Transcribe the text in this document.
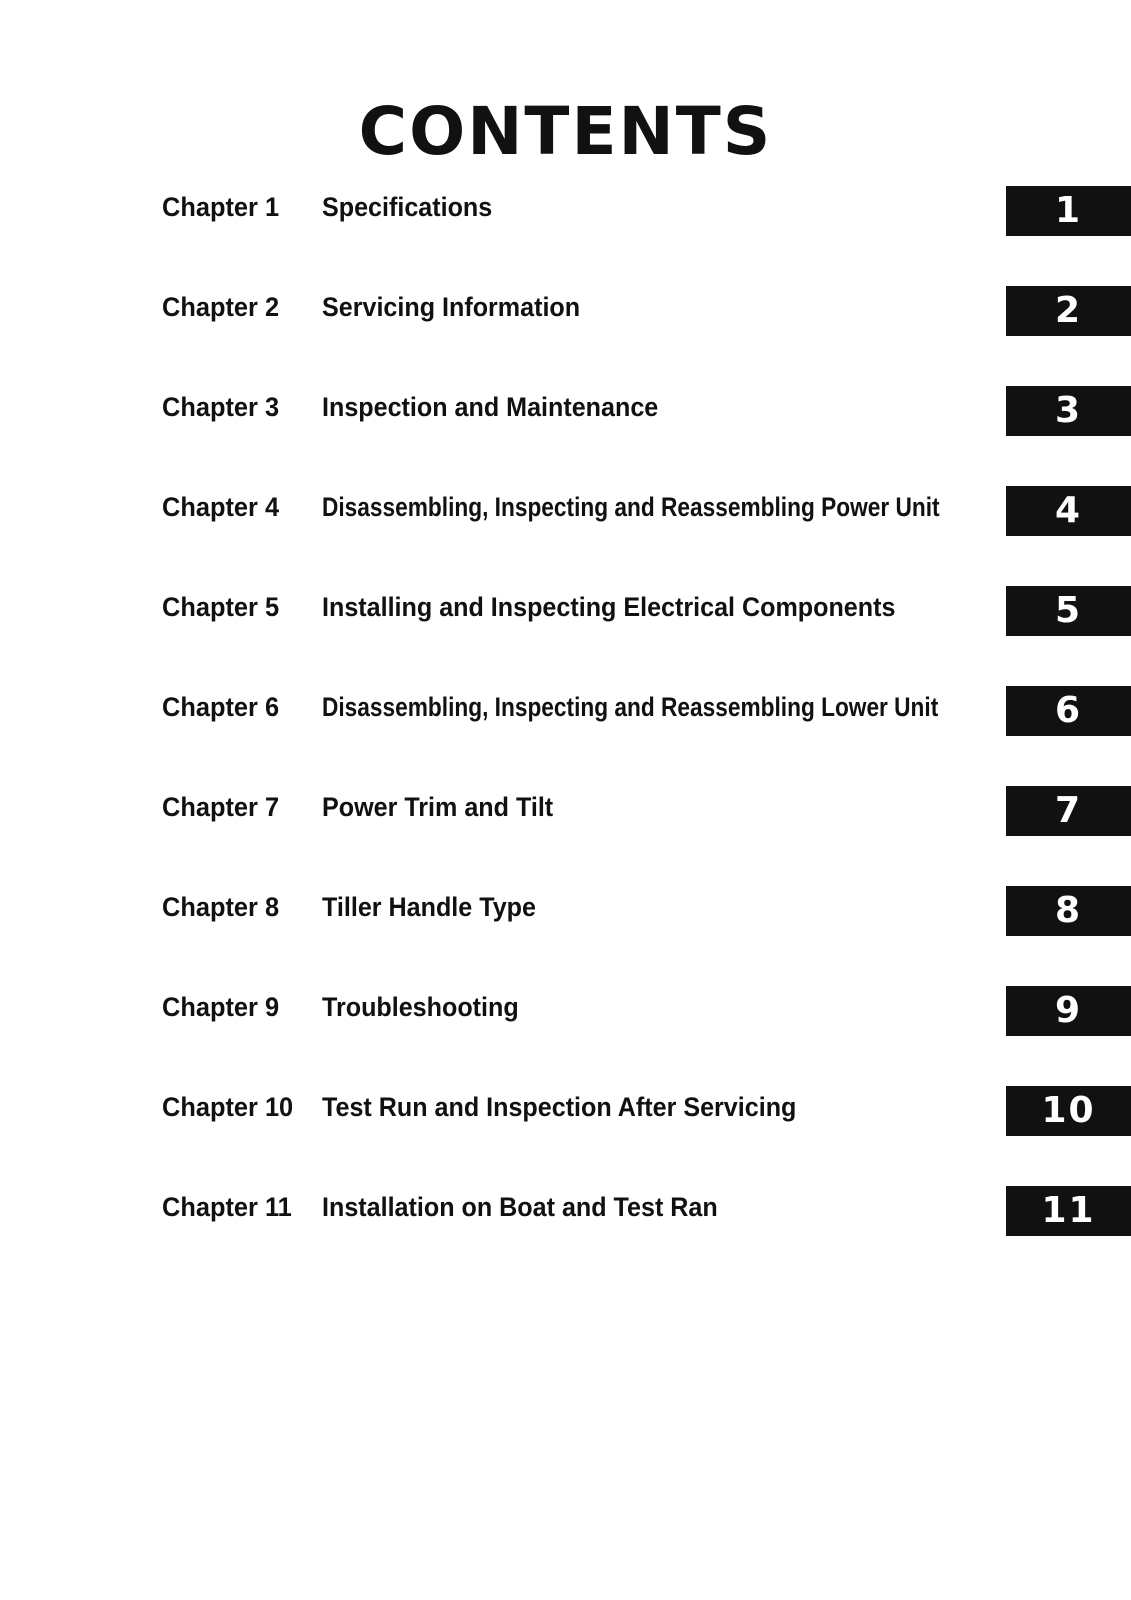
CONTENTS
Chapter 1 Specifications	1
Chapter 2 Servicing Information	2
Chapter 3 Inspection and Maintenance	3
Chapter 4 Disassembling, Inspecting and Reassembling Power Unit	4
Chapter 5 Installing and Inspecting Electrical Components	5
Chapter 6 Disassembling, Inspecting and Reassembling Lower Unit	6
Chapter 7 Power Trim and Tilt	7
Chapter 8 Tiller Handle Type	8
Chapter 9 Troubleshooting	9
Chapter 10 Test Run and Inspection After Servicing	10
Chapter 11 Installation on Boat and Test Ran	11
